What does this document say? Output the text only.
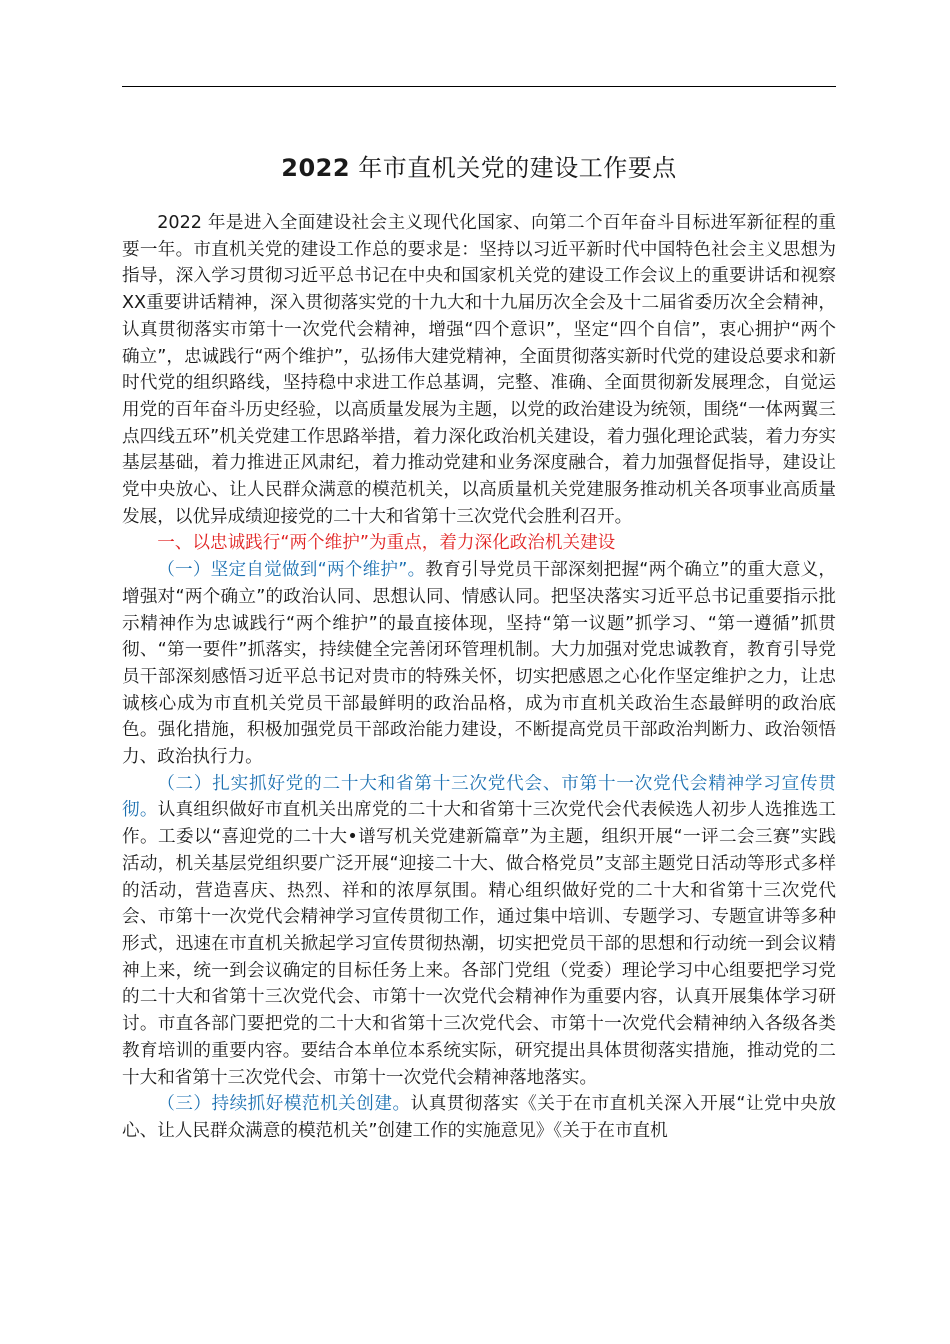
2022 年市直机关党的建设工作要点

2022 年是进入全面建设社会主义现代化国家、向第二个百年奋斗目标进军新征程的重要一年。市直机关党的建设工作总的要求是：坚持以习近平新时代中国特色社会主义思想为指导，深入学习贯彻习近平总书记在中央和国家机关党的建设工作会议上的重要讲话和视察XX重要讲话精神，深入贯彻落实党的十九大和十九届历次全会及十二届省委历次全会精神，认真贯彻落实市第十一次党代会精神，增强“四个意识”，坚定“四个自信”，衷心拥护“两个确立”，忠诚践行“两个维护”，弘扬伟大建党精神，全面贯彻落实新时代党的建设总要求和新时代党的组织路线，坚持稳中求进工作总基调，完整、准确、全面贯彻新发展理念，自觉运用党的百年奋斗历史经验，以高质量发展为主题，以党的政治建设为统领，围绕“一体两翼三点四线五环”机关党建工作思路举措，着力深化政治机关建设，着力强化理论武装，着力夯实基层基础，着力推进正风肃纪，着力推动党建和业务深度融合，着力加强督促指导，建设让党中央放心、让人民群众满意的模范机关，以高质量机关党建服务推动机关各项事业高质量发展，以优异成绩迎接党的二十大和省第十三次党代会胜利召开。

一、以忠诚践行“两个维护”为重点，着力深化政治机关建设

（一）坚定自觉做到“两个维护”。教育引导党员干部深刻把握“两个确立”的重大意义，增强对“两个确立”的政治认同、思想认同、情感认同。把坚决落实习近平总书记重要指示批示精神作为忠诚践行“两个维护”的最直接体现，坚持“第一议题”抓学习、“第一遵循”抓贯彻、“第一要件”抓落实，持续健全完善闭环管理机制。大力加强对党忠诚教育，教育引导党员干部深刻感悟习近平总书记对贵市的特殊关怀，切实把感恩之心化作坚定维护之力，让忠诚核心成为市直机关党员干部最鲜明的政治品格，成为市直机关政治生态最鲜明的政治底色。强化措施，积极加强党员干部政治能力建设，不断提高党员干部政治判断力、政治领悟力、政治执行力。

（二）扎实抓好党的二十大和省第十三次党代会、市第十一次党代会精神学习宣传贯彻。认真组织做好市直机关出席党的二十大和省第十三次党代会代表候选人初步人选推选工作。工委以“喜迎党的二十大•谱写机关党建新篇章”为主题，组织开展“一评二会三赛”实践活动，机关基层党组织要广泛开展“迎接二十大、做合格党员”支部主题党日活动等形式多样的活动，营造喜庆、热烈、祥和的浓厚氛围。精心组织做好党的二十大和省第十三次党代会、市第十一次党代会精神学习宣传贯彻工作，通过集中培训、专题学习、专题宣讲等多种形式，迅速在市直机关掀起学习宣传贯彻热潮，切实把党员干部的思想和行动统一到会议精神上来，统一到会议确定的目标任务上来。各部门党组（党委）理论学习中心组要把学习党的二十大和省第十三次党代会、市第十一次党代会精神作为重要内容，认真开展集体学习研讨。市直各部门要把党的二十大和省第十三次党代会、市第十一次党代会精神纳入各级各类教育培训的重要内容。要结合本单位本系统实际，研究提出具体贯彻落实措施，推动党的二十大和省第十三次党代会、市第十一次党代会精神落地落实。

（三）持续抓好模范机关创建。认真贯彻落实《关于在市直机关深入开展“让党中央放心、让人民群众满意的模范机关”创建工作的实施意见》《关于在市直机
